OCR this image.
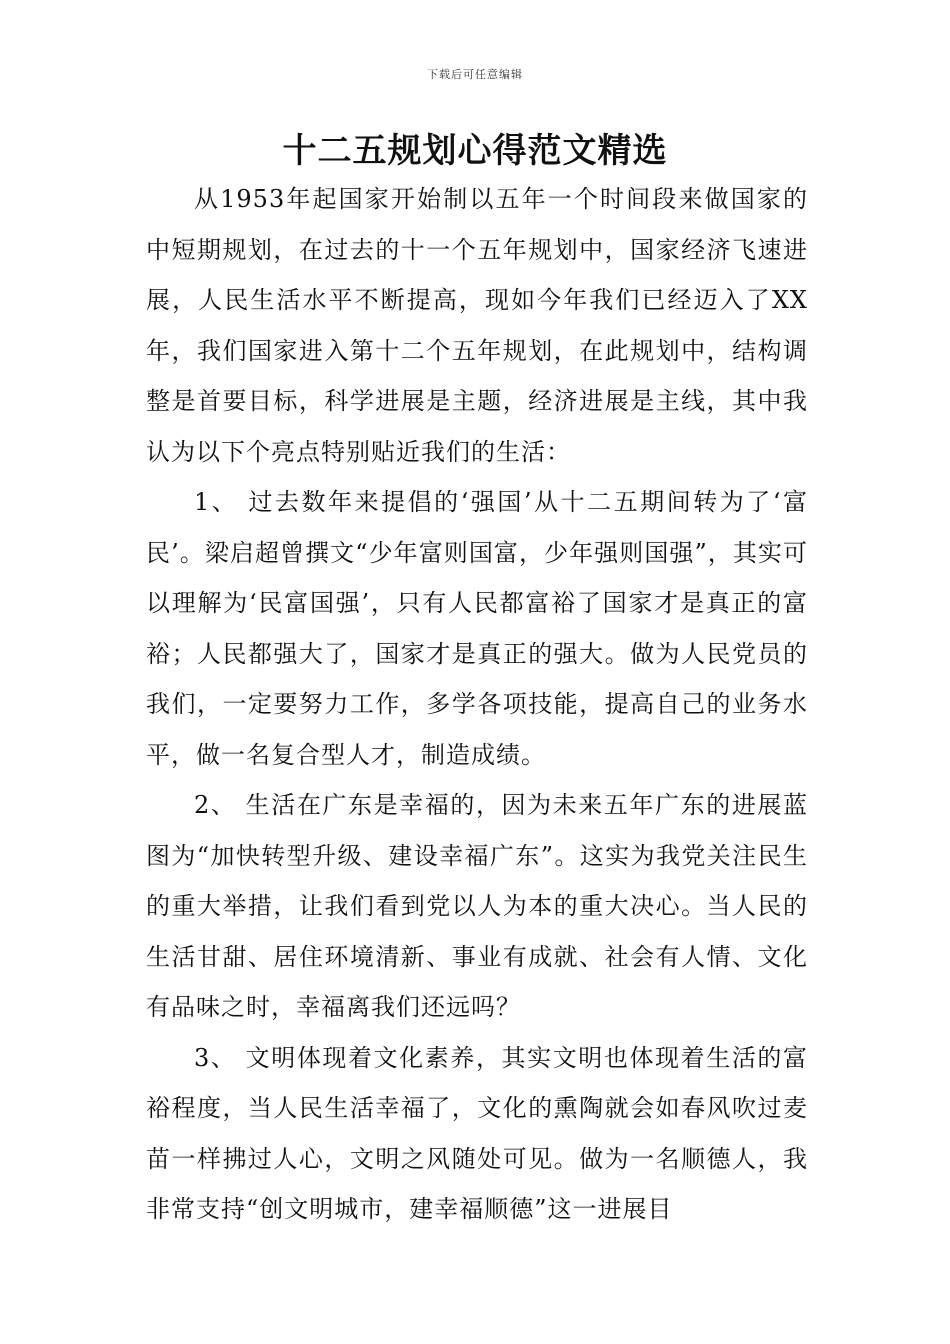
下载后可任意编辑
十二五规划心得范文精选

从1953年起国家开始制以五年一个时间段来做国家的中短期规划，在过去的十一个五年规划中，国家经济飞速进展，人民生活水平不断提高，现如今年我们已经迈入了XX年，我们国家进入第十二个五年规划，在此规划中，结构调整是首要目标，科学进展是主题，经济进展是主线，其中我认为以下个亮点特别贴近我们的生活：

1、 过去数年来提倡的‘强国’从十二五期间转为了‘富民’。梁启超曾撰文“少年富则国富，少年强则国强”，其实可以理解为‘民富国强’，只有人民都富裕了国家才是真正的富裕；人民都强大了，国家才是真正的强大。做为人民党员的我们，一定要努力工作，多学各项技能，提高自己的业务水平，做一名复合型人才，制造成绩。

2、 生活在广东是幸福的，因为未来五年广东的进展蓝图为“加快转型升级、建设幸福广东”。这实为我党关注民生的重大举措，让我们看到党以人为本的重大决心。当人民的生活甘甜、居住环境清新、事业有成就、社会有人情、文化有品味之时，幸福离我们还远吗？

3、 文明体现着文化素养，其实文明也体现着生活的富裕程度，当人民生活幸福了，文化的熏陶就会如春风吹过麦苗一样拂过人心，文明之风随处可见。做为一名顺德人，我非常支持“创文明城市，建幸福顺德”这一进展目
